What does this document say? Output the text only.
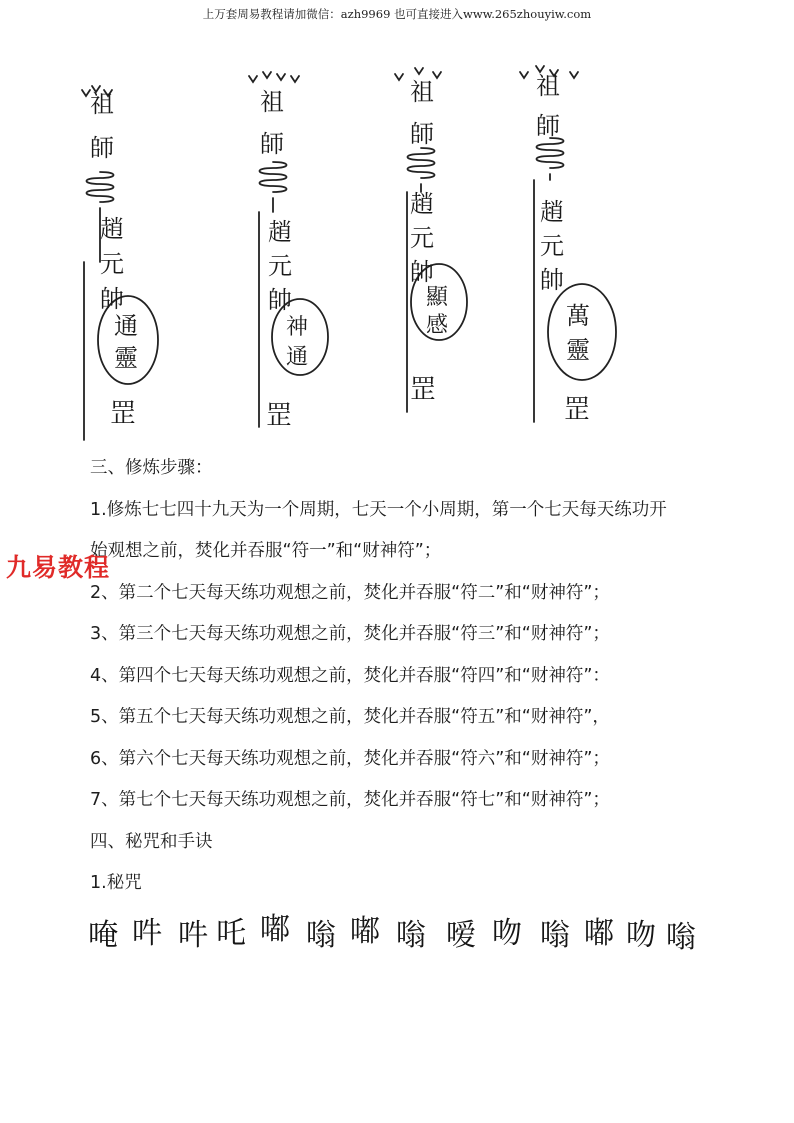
上万套周易教程请加微信：azh9969 也可直接进入www.265zhouyiw.com
祖
師
趙
元
帥
通
靈
罡
祖
師
趙
元
帥
神
通
罡
祖
師
趙
元
帥
顯
感
罡
祖
師
趙
元
帥
萬
靈
罡

三、修炼步骤：

1.修炼七七四十九天为一个周期，七天一个小周期，第一个七天每天练功开

始观想之前，焚化并吞服“符一”和“财神符”；

2、第二个七天每天练功观想之前，焚化并吞服“符二”和“财神符”；

3、第三个七天每天练功观想之前，焚化并吞服“符三”和“财神符”；

4、第四个七天每天练功观想之前，焚化并吞服“符四”和“财神符”：

5、第五个七天每天练功观想之前，焚化并吞服“符五”和“财神符”，

6、第六个七天每天练功观想之前，焚化并吞服“符六”和“财神符”；

7、第七个七天每天练功观想之前，焚化并吞服“符七”和“财神符”；

四、秘咒和手诀

1.秘咒

九易教程
唵 吽 吽 吒 嘟 嗡 嘟 嗡 嗳 吻 嗡 嘟 吻 嗡
